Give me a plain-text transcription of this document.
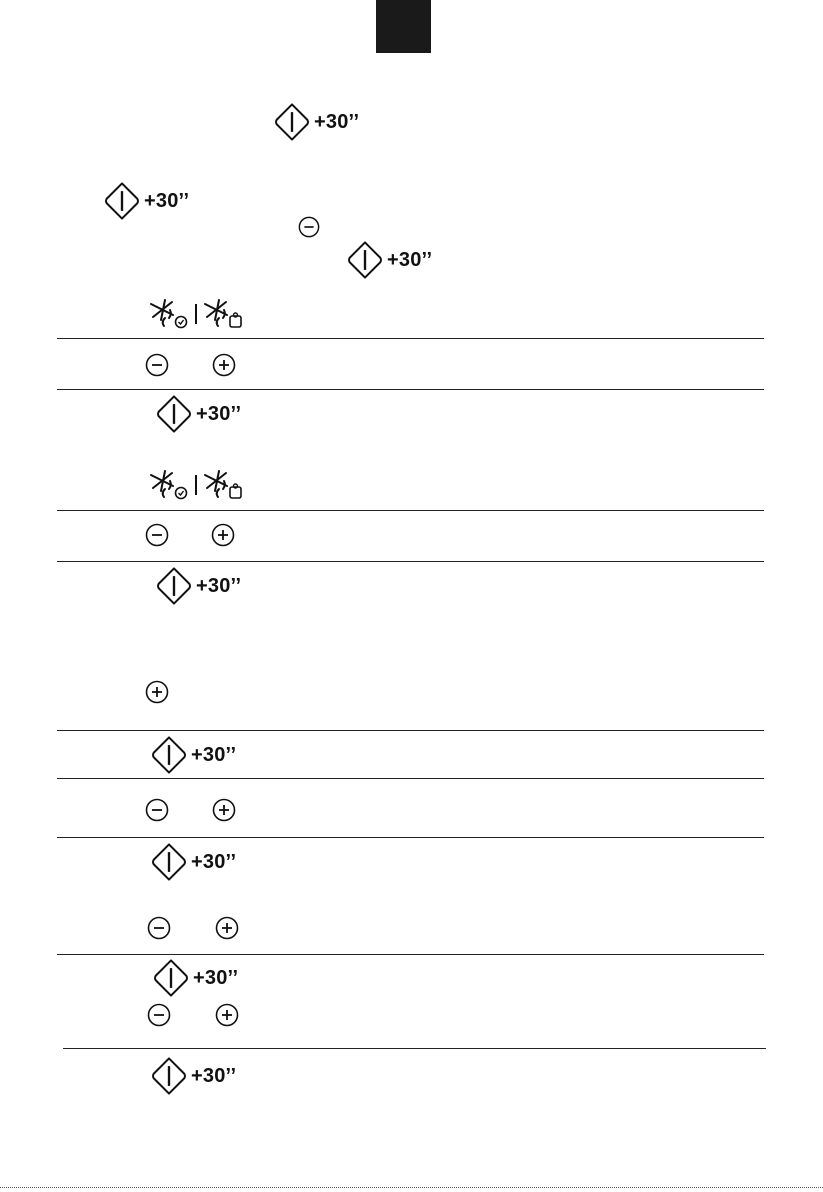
+30’’
+30’’
+30’’
+30’’
+30’’
+30’’
+30’’
+30’’
+30’’
